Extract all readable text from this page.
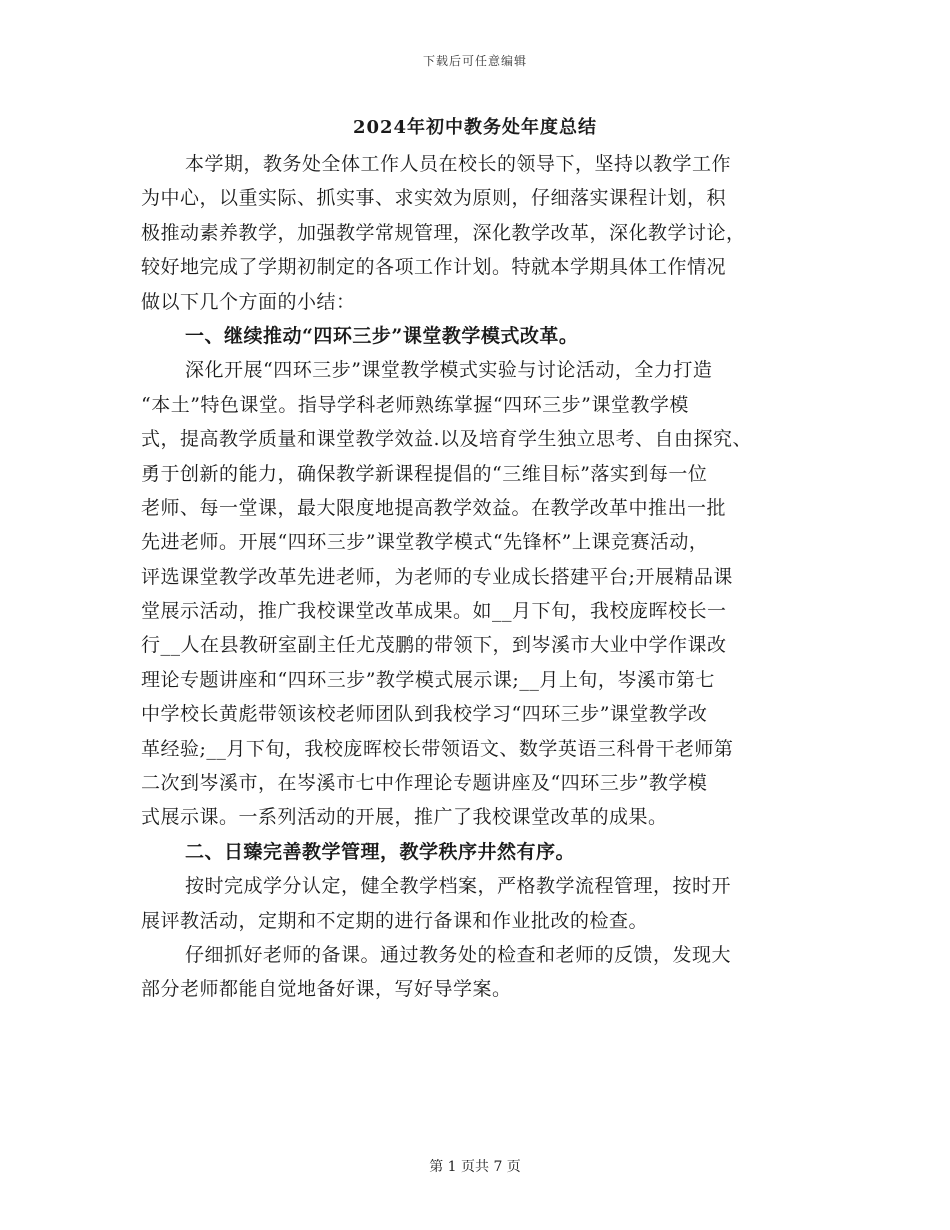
下载后可任意编辑
2024年初中教务处年度总结
本学期，教务处全体工作人员在校长的领导下，坚持以教学工作
为中心，以重实际、抓实事、求实效为原则，仔细落实课程计划，积
极推动素养教学，加强教学常规管理，深化教学改革，深化教学讨论，
较好地完成了学期初制定的各项工作计划。特就本学期具体工作情况
做以下几个方面的小结：
一、继续推动“四环三步”课堂教学模式改革。
深化开展“四环三步”课堂教学模式实验与讨论活动，全力打造
“本土”特色课堂。指导学科老师熟练掌握“四环三步”课堂教学模
式，提高教学质量和课堂教学效益.以及培育学生独立思考、自由探究、
勇于创新的能力，确保教学新课程提倡的“三维目标”落实到每一位
老师、每一堂课，最大限度地提高教学效益。在教学改革中推出一批
先进老师。开展“四环三步”课堂教学模式“先锋杯”上课竞赛活动，
评选课堂教学改革先进老师，为老师的专业成长搭建平台;开展精品课
堂展示活动，推广我校课堂改革成果。如__月下旬，我校庞晖校长一
行__人在县教研室副主任尤茂鹏的带领下，到岑溪市大业中学作课改
理论专题讲座和“四环三步”教学模式展示课;__月上旬，岑溪市第七
中学校长黄彪带领该校老师团队到我校学习“四环三步”课堂教学改
革经验;__月下旬，我校庞晖校长带领语文、数学英语三科骨干老师第
二次到岑溪市，在岑溪市七中作理论专题讲座及“四环三步”教学模
式展示课。一系列活动的开展，推广了我校课堂改革的成果。
二、日臻完善教学管理，教学秩序井然有序。
按时完成学分认定，健全教学档案，严格教学流程管理，按时开
展评教活动，定期和不定期的进行备课和作业批改的检查。
仔细抓好老师的备课。通过教务处的检查和老师的反馈，发现大
部分老师都能自觉地备好课，写好导学案。
第 1 页共 7 页
